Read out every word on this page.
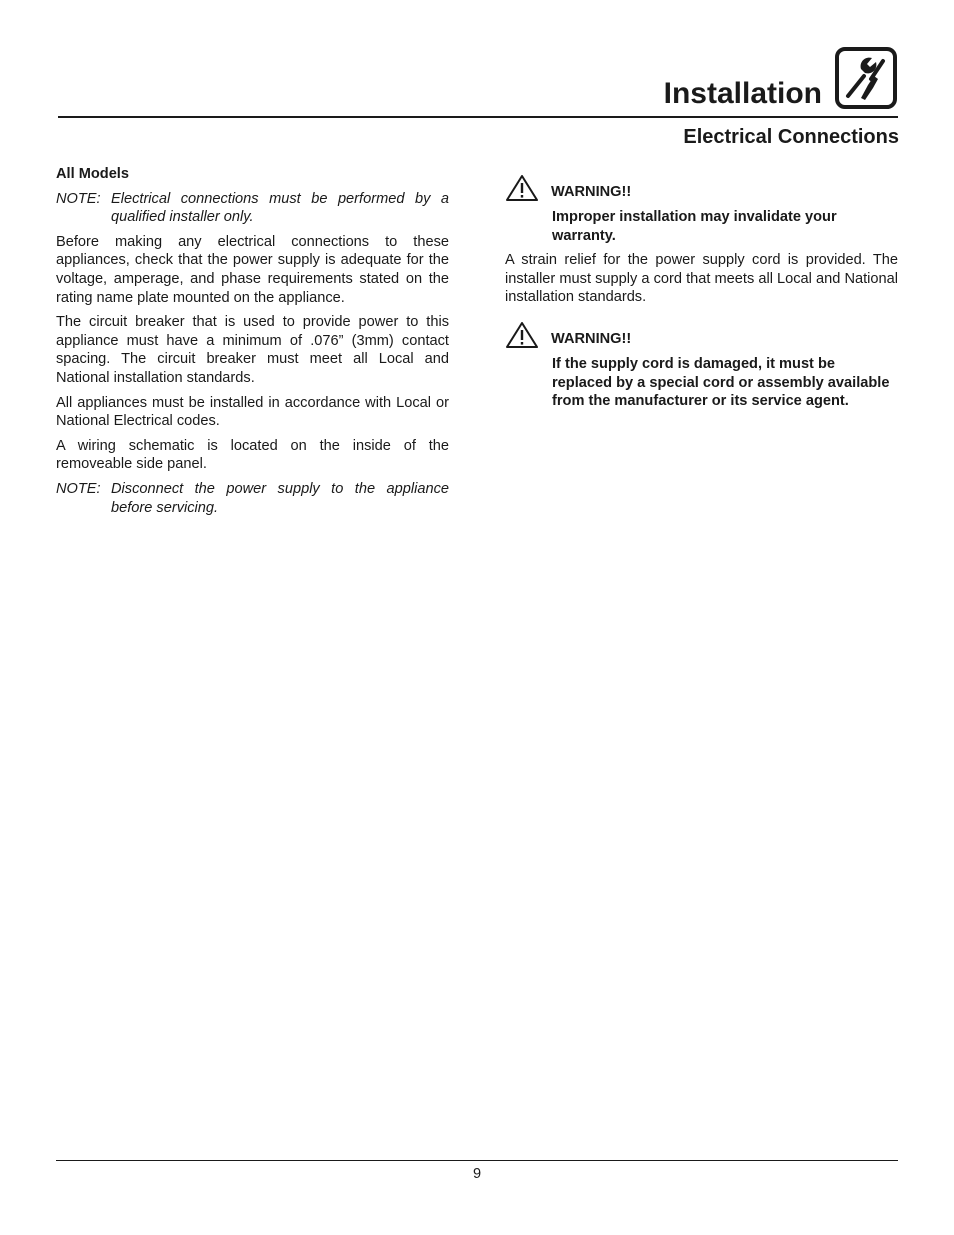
Installation
Electrical Connections
All Models
NOTE: Electrical connections must be performed by a qualified installer only.

Before making any electrical connections to these appliances, check that the power supply is adequate for the voltage, amperage, and phase requirements stated on the rating name plate mounted on the appliance.

The circuit breaker that is used to provide power to this appliance must have a minimum of .076” (3mm) contact spacing. The circuit breaker must meet all Local and National installation standards.

All appliances must be installed in accordance with Local or National Electrical codes.

A wiring schematic is located on the inside of the removeable side panel.

NOTE: Disconnect the power supply to the appliance before servicing.
WARNING!!
Improper installation may invalidate your warranty.

A strain relief for the power supply cord is provided. The installer must supply a cord that meets all Local and National installation standards.

WARNING!!
If the supply cord is damaged, it must be replaced by a special cord or assembly available from the manufacturer or its service agent.
9
